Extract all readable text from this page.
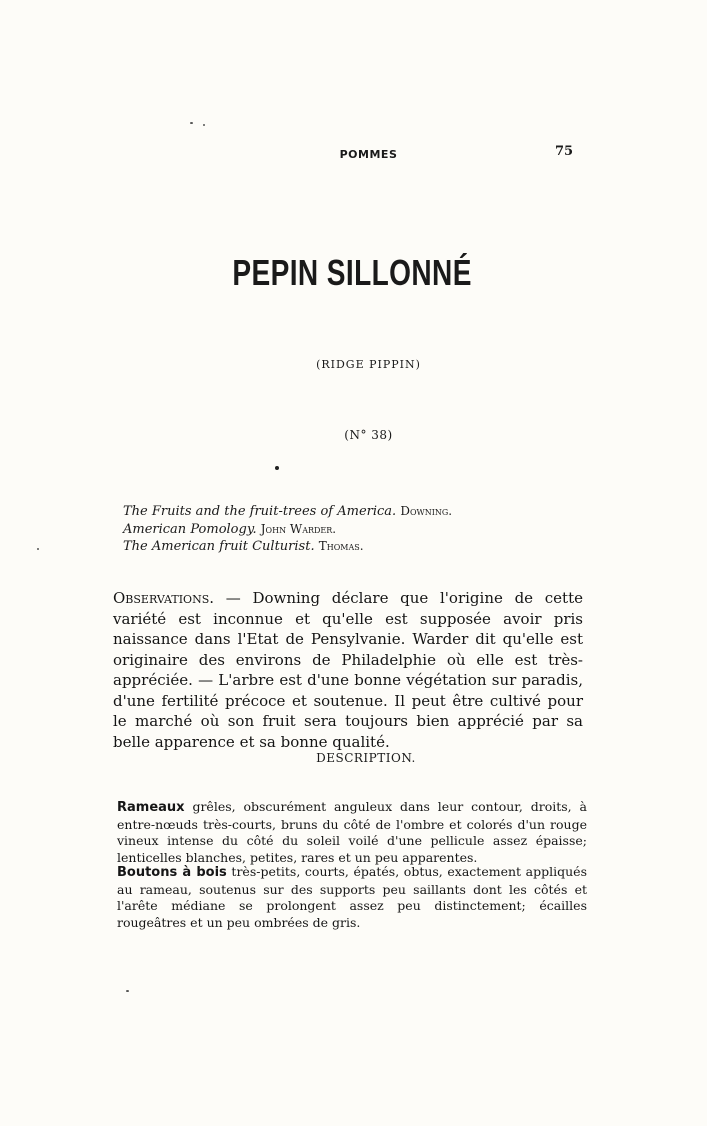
POMMES	75
PEPIN SILLONNÉ
(RIDGE PIPPIN)
(N° 38)
The Fruits and the fruit-trees of America. Downing.
American Pomology. John Warder.
The American fruit Culturist. Thomas.
Observations. — Downing déclare que l'origine de cette variété est inconnue et qu'elle est supposée avoir pris naissance dans l'Etat de Pensylvanie. Warder dit qu'elle est originaire des environs de Philadelphie où elle est très-appréciée. — L'arbre est d'une bonne végétation sur paradis, d'une fertilité précoce et soutenue. Il peut être cultivé pour le marché où son fruit sera toujours bien apprécié par sa belle apparence et sa bonne qualité.
DESCRIPTION.
Rameaux grêles, obscurément anguleux dans leur contour, droits, à entre-nœuds très-courts, bruns du côté de l'ombre et colorés d'un rouge vineux intense du côté du soleil voilé d'une pellicule assez épaisse; lenticelles blanches, petites, rares et un peu apparentes.
Boutons à bois très-petits, courts, épatés, obtus, exactement appliqués au rameau, soutenus sur des supports peu saillants dont les côtés et l'arête médiane se prolongent assez peu distinctement; écailles rougeâtres et un peu ombrées de gris.
